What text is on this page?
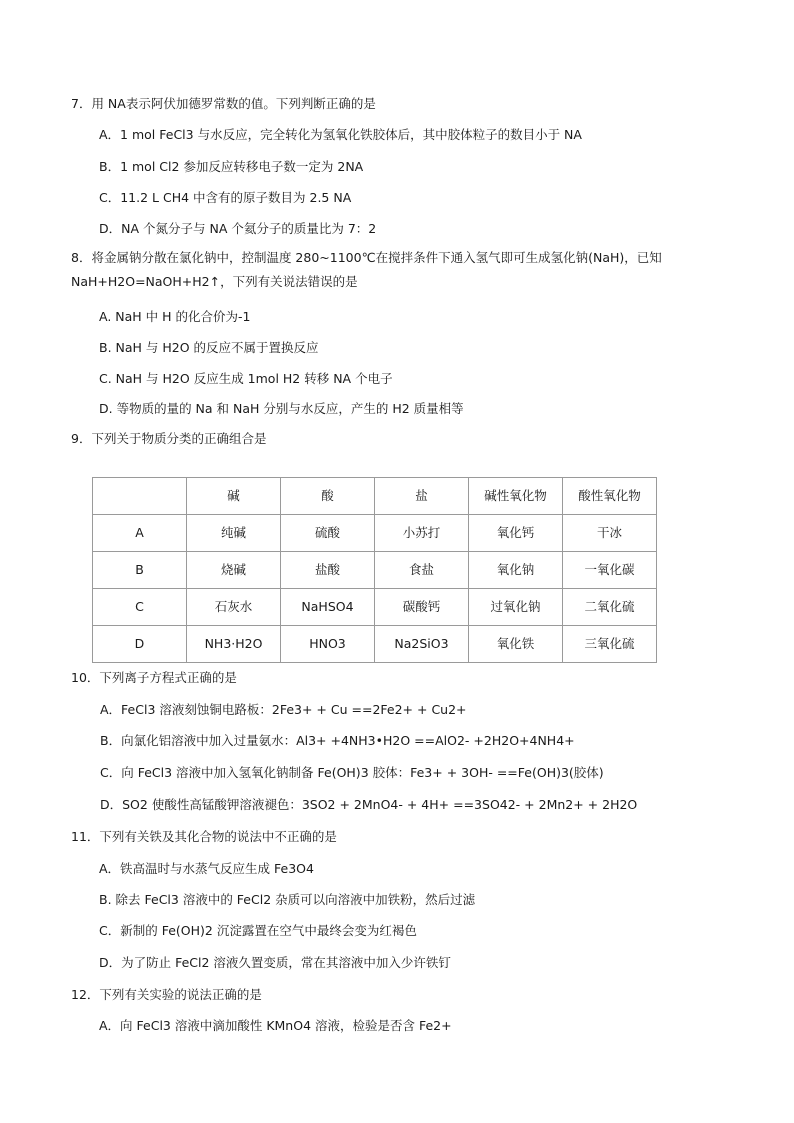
7．用 NA表示阿伏加德罗常数的值。下列判断正确的是
A．1 mol FeCl3 与水反应，完全转化为氢氧化铁胶体后，其中胶体粒子的数目小于 NA
B．1 mol Cl2 参加反应转移电子数一定为 2NA
C．11.2 L CH4 中含有的原子数目为 2.5 NA
D．NA 个氮分子与 NA 个氦分子的质量比为 7：2
8．将金属钠分散在氯化钠中，控制温度 280~1100℃在搅拌条件下通入氢气即可生成氢化钠(NaH)，已知
NaH+H2O=NaOH+H2↑，下列有关说法错误的是
A. NaH 中 H 的化合价为-1
B. NaH 与 H2O 的反应不属于置换反应
C. NaH 与 H2O 反应生成 1mol H2 转移 NA 个电子
D. 等物质的量的 Na 和 NaH 分别与水反应，产生的 H2 质量相等
9．下列关于物质分类的正确组合是
	碱	酸	盐	碱性氧化物	酸性氧化物
A	纯碱	硫酸	小苏打	氧化钙	干冰
B	烧碱	盐酸	食盐	氧化钠	一氧化碳
C	石灰水	NaHSO4	碳酸钙	过氧化钠	二氧化硫
D	NH3·H2O	HNO3	Na2SiO3	氧化铁	三氧化硫
10．下列离子方程式正确的是
A．FeCl3 溶液刻蚀铜电路板：2Fe3+ + Cu ==2Fe2+ + Cu2+
B．向氯化铝溶液中加入过量氨水：Al3+ +4NH3•H2O ==AlO2- +2H2O+4NH4+
C．向 FeCl3 溶液中加入氢氧化钠制备 Fe(OH)3 胶体：Fe3+ + 3OH- ==Fe(OH)3(胶体)
D．SO2 使酸性高锰酸钾溶液褪色：3SO2 + 2MnO4- + 4H+ ==3SO42- + 2Mn2+ + 2H2O
11．下列有关铁及其化合物的说法中不正确的是
A．铁高温时与水蒸气反应生成 Fe3O4
B. 除去 FeCl3 溶液中的 FeCl2 杂质可以向溶液中加铁粉，然后过滤
C．新制的 Fe(OH)2 沉淀露置在空气中最终会变为红褐色
D．为了防止 FeCl2 溶液久置变质，常在其溶液中加入少许铁钉
12．下列有关实验的说法正确的是
A．向 FeCl3 溶液中滴加酸性 KMnO4 溶液，检验是否含 Fe2+
